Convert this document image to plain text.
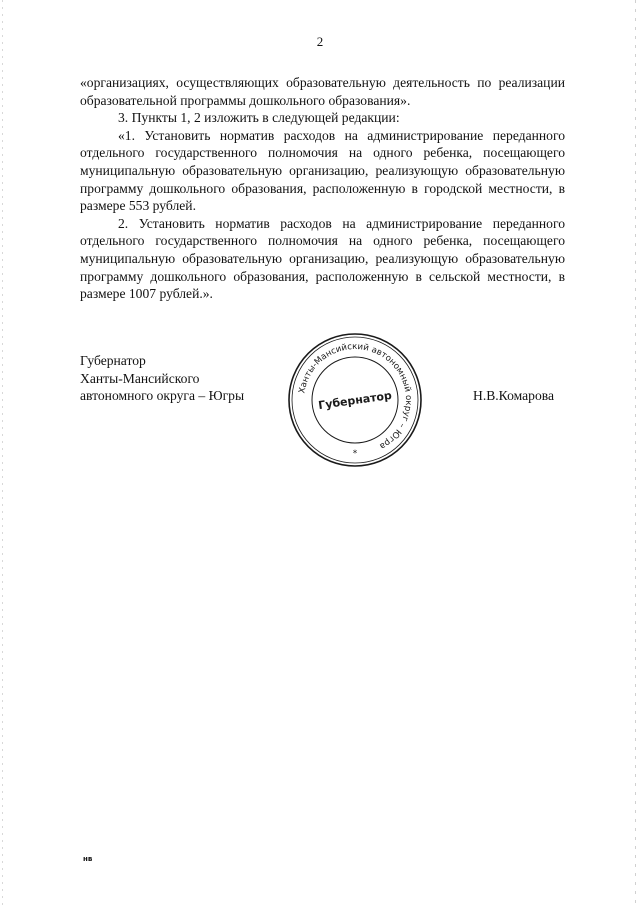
2

«организациях, осуществляющих образовательную деятельность по реализации образовательной программы дошкольного образования».

3. Пункты 1, 2 изложить в следующей редакции:

«1. Установить норматив расходов на администрирование переданного отдельного государственного полномочия на одного ребенка, посещающего муниципальную образовательную организацию, реализующую образовательную программу дошкольного образования, расположенную в городской местности, в размере 553 рублей.

2. Установить норматив расходов на администрирование переданного отдельного государственного полномочия на одного ребенка, посещающего муниципальную образовательную организацию, реализующую образовательную программу дошкольного образования, расположенную в сельской местности, в размере 1007 рублей.».

Губернатор
Ханты-Мансийского
автономного округа – Югры	Ханты-Мансийский автономный округ – Югра
Губернатор
*
Н.В.Комарова
нв
